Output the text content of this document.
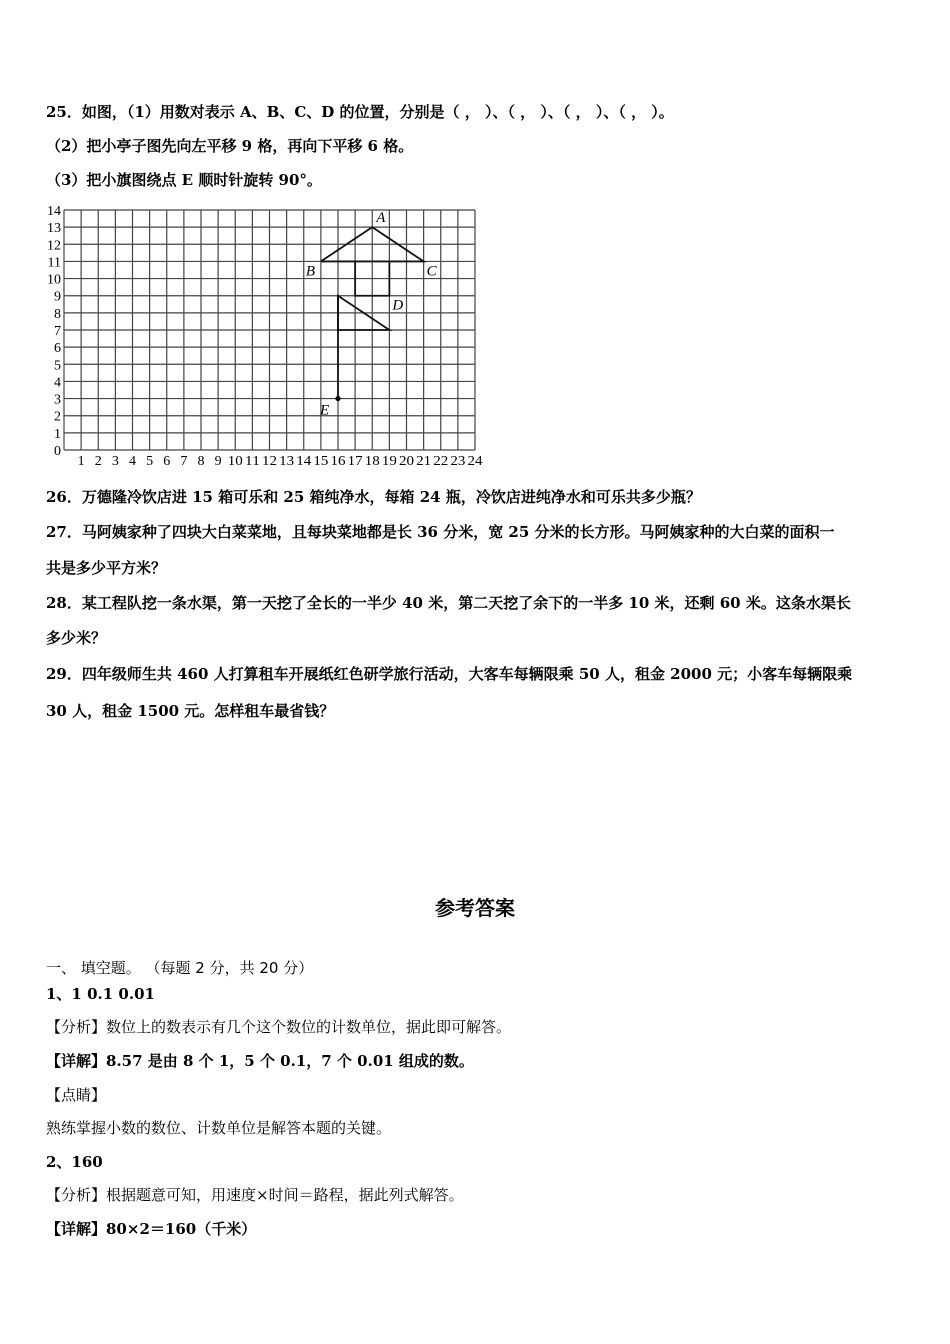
25．如图，（1）用数对表示 A、B、C、D 的位置，分别是（ ， ）、（ ， ）、（ ， ）、（ ， ）。
（2）把小亭子图先向左平移 9 格，再向下平移 6 格。
（3）把小旗图绕点 E 顺时针旋转 90°。
0
1
2
3
4
5
6
7
8
9
10
11
12
13
14
1 2 3 4 5 6 7 8 9 10 11 12 13 14 15 16 17 18 19 20 21 22 23 24
A
B	C
D
E
26．万德隆冷饮店进 15 箱可乐和 25 箱纯净水，每箱 24 瓶，冷饮店进纯净水和可乐共多少瓶？
27．马阿姨家种了四块大白菜菜地，且每块菜地都是长 36 分米，宽 25 分米的长方形。马阿姨家种的大白菜的面积一
共是多少平方米？
28．某工程队挖一条水渠，第一天挖了全长的一半少 40 米，第二天挖了余下的一半多 10 米，还剩 60 米。这条水渠长
多少米？
29．四年级师生共 460 人打算租车开展纸红色研学旅行活动，大客车每辆限乘 50 人，租金 2000 元；小客车每辆限乘
30 人，租金 1500 元。怎样租车最省钱？
参考答案
一、 填空题。 （每题 2 分，共 20 分）
1、1 0.1 0.01
【分析】数位上的数表示有几个这个数位的计数单位，据此即可解答。
【详解】8.57 是由 8 个 1，5 个 0.1，7 个 0.01 组成的数。
【点睛】
熟练掌握小数的数位、计数单位是解答本题的关键。
2、160
【分析】根据题意可知，用速度×时间＝路程，据此列式解答。
【详解】80×2＝160（千米）
